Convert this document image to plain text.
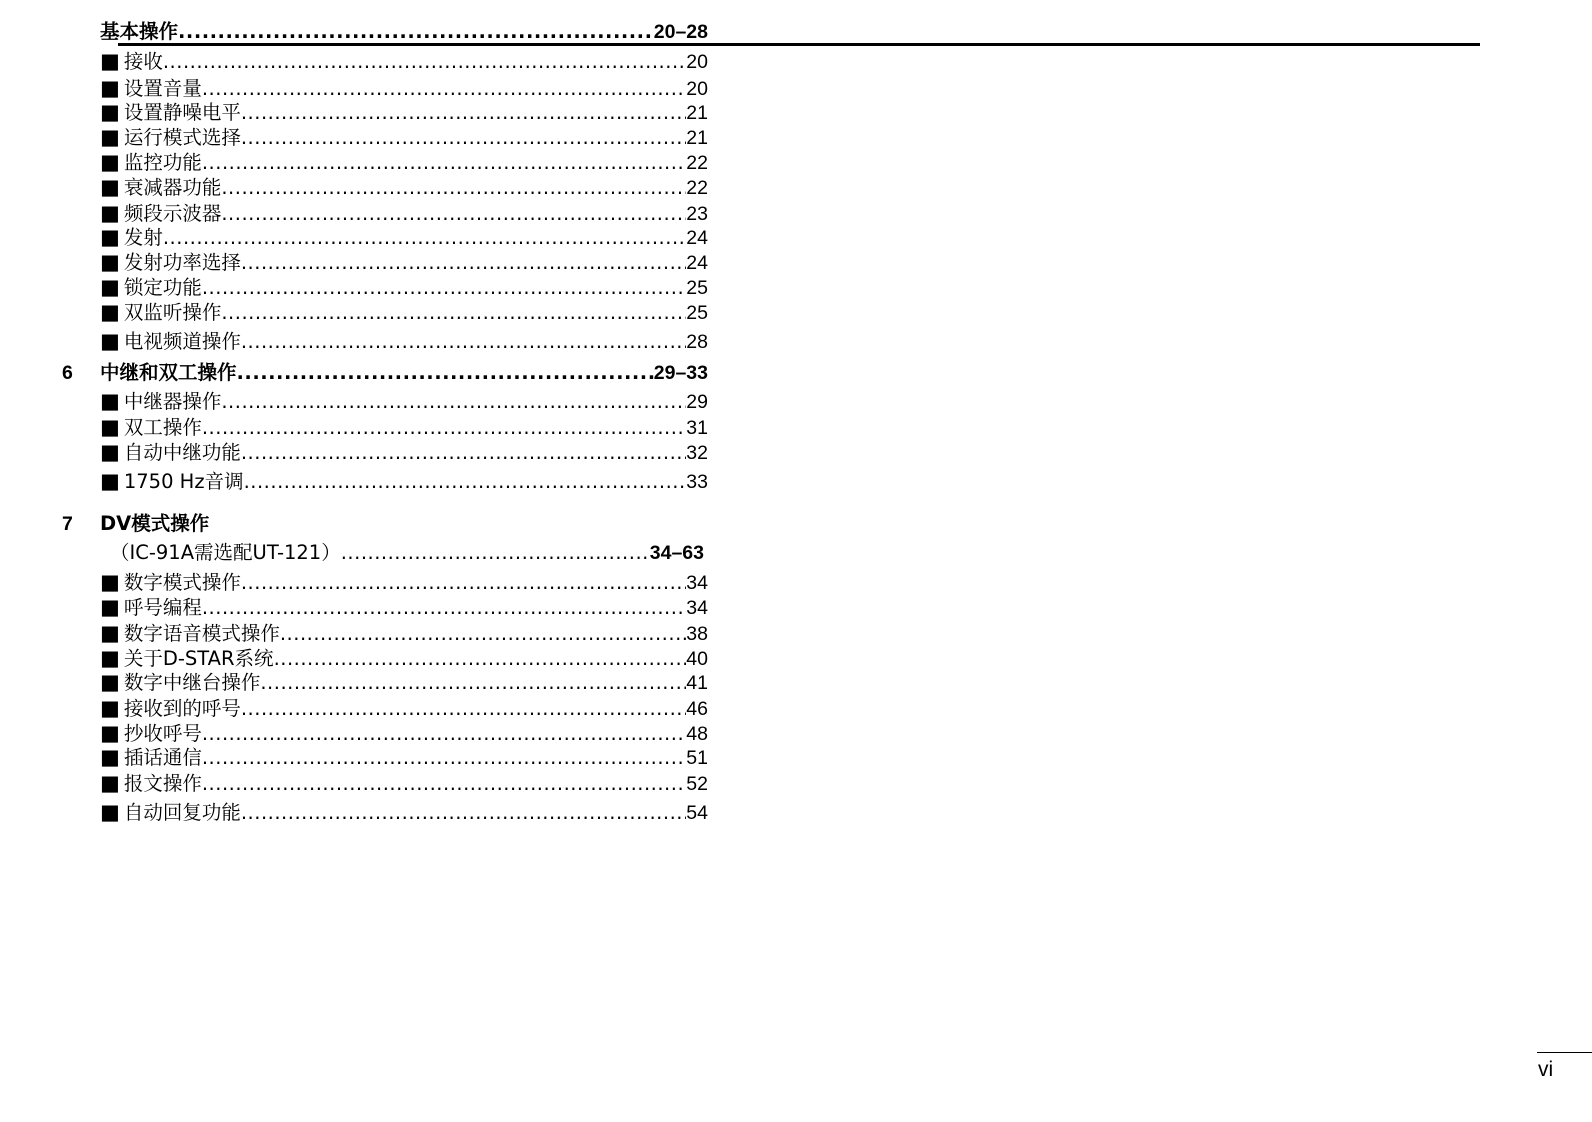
基本操作 .....	20–28
■ 接收 .....	20
■ 设置音量 .....	20
■ 设置静噪电平 .....	21
■ 运行模式选择 .....	21
■ 监控功能 .....	22
■ 衰减器功能 .....	22
■ 频段示波器 .....	23
■ 发射 .....	24
■ 发射功率选择 .....	24
■ 锁定功能 .....	25
■ 双监听操作 .....	25
■ 电视频道操作 .....	28
6 中继和双工操作 .....	29–33
■ 中继器操作 .....	29
■ 双工操作 .....	31
■ 自动中继功能 .....	32
■ 1750 Hz音调 .....	33
7 DV模式操作
（IC-91A需选配UT-121） .....	34–63
■ 数字模式操作 .....	34
■ 呼号编程 .....	34
■ 数字语音模式操作 .....	38
■ 关于D-STAR系统 .....	40
■ 数字中继台操作 .....	41
■ 接收到的呼号 .....	46
■ 抄收呼号 .....	48
■ 插话通信 .....	51
■ 报文操作 .....	52
■ 自动回复功能 .....	54
vi
